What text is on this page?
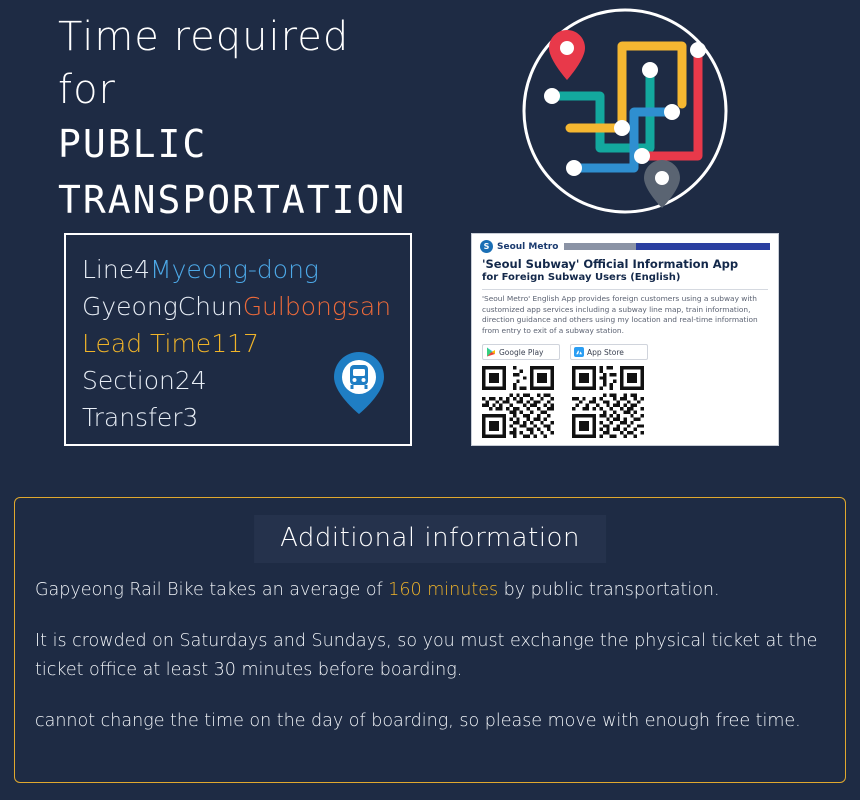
Time required
for
PUBLIC
TRANSPORTATION
Line4Myeong-dong
GyeongChunGulbongsan
Lead Time117
Section24
Transfer3
S Seoul Metro
'Seoul Subway' Official Information App
for Foreign Subway Users (English)
'Seoul Metro' English App provides foreign customers using a subway with customized app services including a subway line map, train information, direction guidance and others using my location and real-time information from entry to exit of a subway station.
Google Play	App Store
Additional information

Gapyeong Rail Bike takes an average of 160 minutes by public transportation.

It is crowded on Saturdays and Sundays, so you must exchange the physical ticket at the ticket office at least 30 minutes before boarding.

cannot change the time on the day of boarding, so please move with enough free time.
